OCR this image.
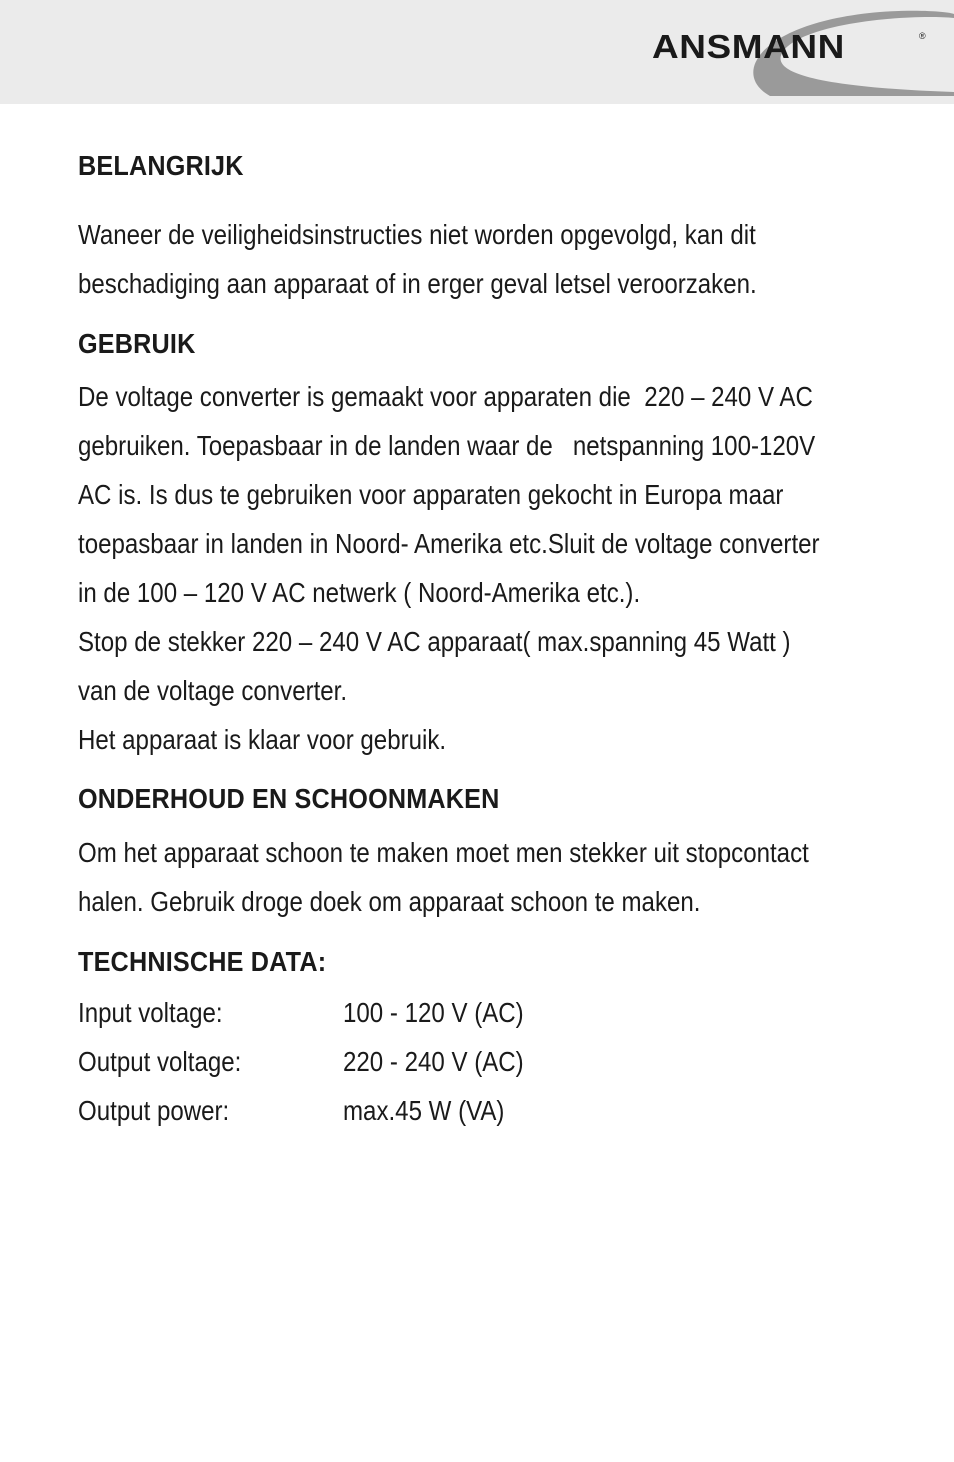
ANSMANN	®
BELANGRIJK

Waneer de veiligheidsinstructies niet worden opgevolgd, kan dit

beschadiging aan apparaat of in erger geval letsel veroorzaken.

GEBRUIK

De voltage converter is gemaakt voor apparaten die  220 – 240 V AC

gebruiken. Toepasbaar in de landen waar de   netspanning 100-120V

AC is. Is dus te gebruiken voor apparaten gekocht in Europa maar

toepasbaar in landen in Noord- Amerika etc.Sluit de voltage converter

in de 100 – 120 V AC netwerk ( Noord-Amerika etc.).

Stop de stekker 220 – 240 V AC apparaat( max.spanning 45 Watt )

van de voltage converter.

Het apparaat is klaar voor gebruik.

ONDERHOUD EN SCHOONMAKEN

Om het apparaat schoon te maken moet men stekker uit stopcontact

halen. Gebruik droge doek om apparaat schoon te maken.

TECHNISCHE DATA:
Input voltage:	100 - 120 V (AC)
Output voltage:	220 - 240 V (AC)
Output power:	max.45 W (VA)
